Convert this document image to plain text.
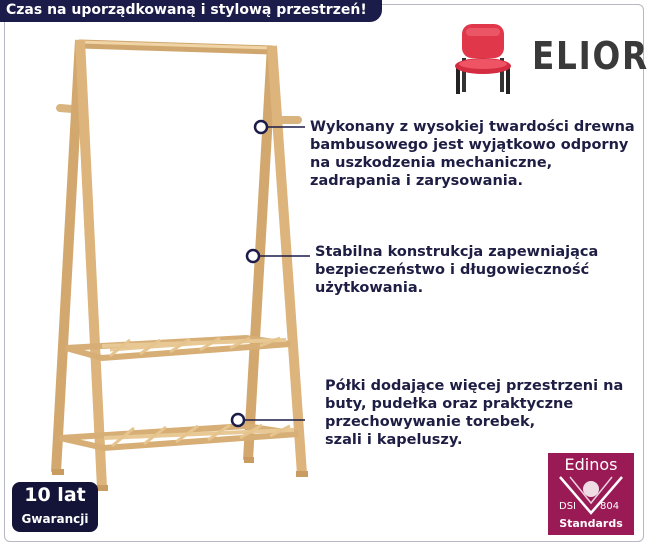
Czas na uporządkowaną i stylową przestrzeń!
ELIOR
Wykonany z wysokiej twardości drewna
bambusowego jest wyjątkowo odporny
na uszkodzenia mechaniczne,
zadrapania i zarysowania.
Stabilna konstrukcja zapewniająca
bezpieczeństwo i długowieczność
użytkowania.
Półki dodające więcej przestrzeni na
buty, pudełka oraz praktyczne
przechowywanie torebek,
szali i kapeluszy.
10 lat
Gwarancji
Edinos
DSI 804
Standards
